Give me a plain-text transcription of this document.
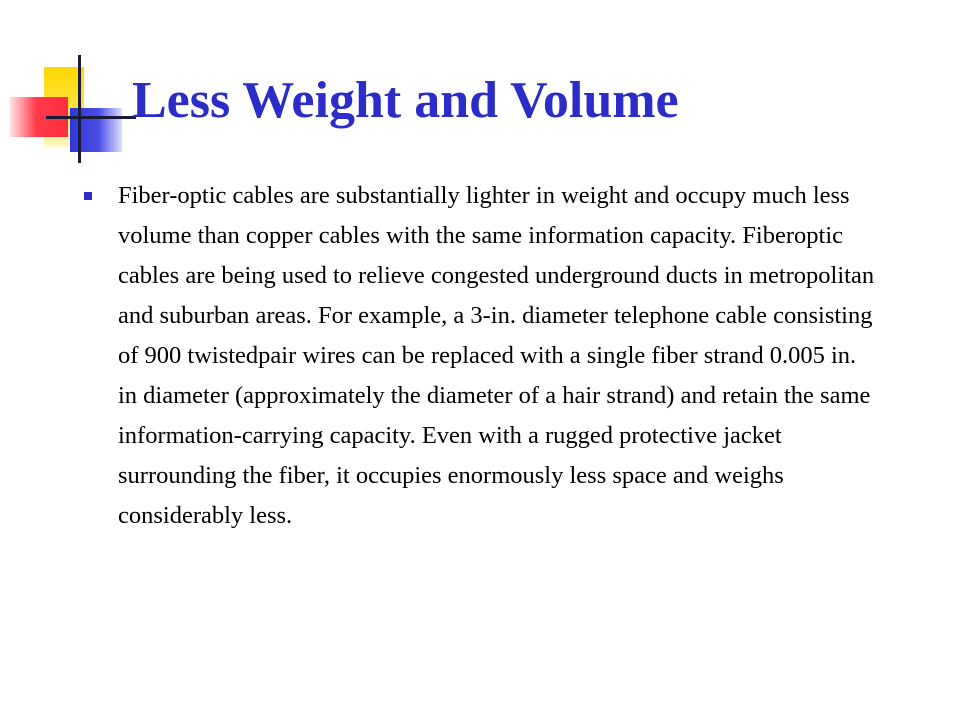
Less Weight and Volume

Fiber-optic cables are substantially lighter in weight and occupy much less volume than copper cables with the same information capacity. Fiberoptic cables are being used to relieve congested underground ducts in metropolitan and suburban areas. For example, a 3-in. diameter telephone cable consisting of 900 twistedpair wires can be replaced with a single fiber strand 0.005 in. in diameter (approximately the diameter of a hair strand) and retain the same information-carrying capacity. Even with a rugged protective jacket surrounding the fiber, it occupies enormously less space and weighs considerably less.
